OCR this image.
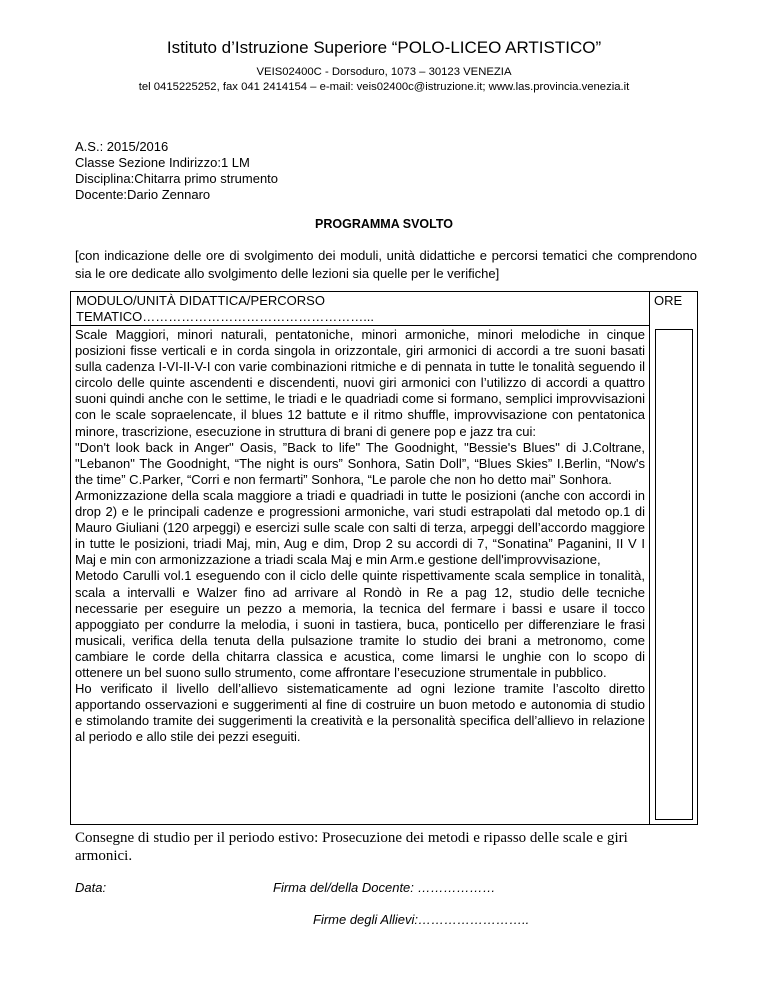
Istituto d’Istruzione Superiore “POLO-LICEO ARTISTICO”
VEIS02400C - Dorsoduro, 1073 – 30123 VENEZIA
tel 0415225252, fax 041 2414154 – e-mail: veis02400c@istruzione.it; www.las.provincia.venezia.it
A.S.: 2015/2016
Classe Sezione Indirizzo:1 LM
Disciplina:Chitarra primo strumento
Docente:Dario Zennaro
PROGRAMMA SVOLTO
[con indicazione delle ore di svolgimento dei moduli, unità didattiche e percorsi tematici che comprendono sia le ore dedicate allo svolgimento delle lezioni sia quelle per le verifiche]
MODULO/UNITÀ DIDATTICA/PERCORSO
TEMATICO……………………………………………...
ORE

Scale Maggiori, minori naturali, pentatoniche, minori armoniche, minori melodiche in cinque posizioni fisse verticali e in corda singola in orizzontale, giri armonici di accordi a tre suoni basati sulla cadenza I-VI-II-V-I con varie combinazioni ritmiche e di pennata in tutte le tonalità seguendo il circolo delle quinte ascendenti e discendenti, nuovi giri armonici con l’utilizzo di accordi a quattro suoni quindi anche con le settime, le triadi e le quadriadi come si formano, semplici improvvisazioni con le scale sopraelencate, il blues 12 battute e il ritmo shuffle, improvvisazione con pentatonica minore, trascrizione, esecuzione in struttura di brani di genere pop e jazz tra cui:

"Don't look back in Anger" Oasis, ”Back to life" The Goodnight, "Bessie's Blues" di J.Coltrane, "Lebanon" The Goodnight, “The night is ours” Sonhora, Satin Doll”, “Blues Skies” I.Berlin, “Now's the time” C.Parker, “Corri e non fermarti” Sonhora, “Le parole che non ho detto mai” Sonhora.

Armonizzazione della scala maggiore a triadi e quadriadi in tutte le posizioni (anche con accordi in drop 2) e le principali cadenze e progressioni armoniche, vari studi estrapolati dal metodo op.1 di Mauro Giuliani (120 arpeggi) e esercizi sulle scale con salti di terza, arpeggi dell’accordo maggiore in tutte le posizioni, triadi Maj, min, Aug e dim, Drop 2 su accordi di 7, “Sonatina” Paganini, II V I Maj e min con armonizzazione a triadi scala Maj e min Arm.e gestione dell'improvvisazione,

Metodo Carulli vol.1 eseguendo con il ciclo delle quinte rispettivamente scala semplice in tonalità, scala a intervalli e Walzer fino ad arrivare al Rondò in Re a pag 12, studio delle tecniche necessarie per eseguire un pezzo a memoria, la tecnica del fermare i bassi e usare il tocco appoggiato per condurre la melodia, i suoni in tastiera, buca, ponticello per differenziare le frasi musicali, verifica della tenuta della pulsazione tramite lo studio dei brani a metronomo, come cambiare le corde della chitarra classica e acustica, come limarsi le unghie con lo scopo di ottenere un bel suono sullo strumento, come affrontare l’esecuzione strumentale in pubblico.

Ho verificato il livello dell’allievo sistematicamente ad ogni lezione tramite l’ascolto diretto apportando osservazioni e suggerimenti al fine di costruire un buon metodo e autonomia di studio e stimolando tramite dei suggerimenti la creatività e la personalità specifica dell’allievo in relazione al periodo e allo stile dei pezzi eseguiti.

Consegne di studio per il periodo estivo: Prosecuzione dei metodi e ripasso delle scale e giri armonici.
Data:	Firma del/della Docente: ………………
Firme degli Allievi:……………………..
